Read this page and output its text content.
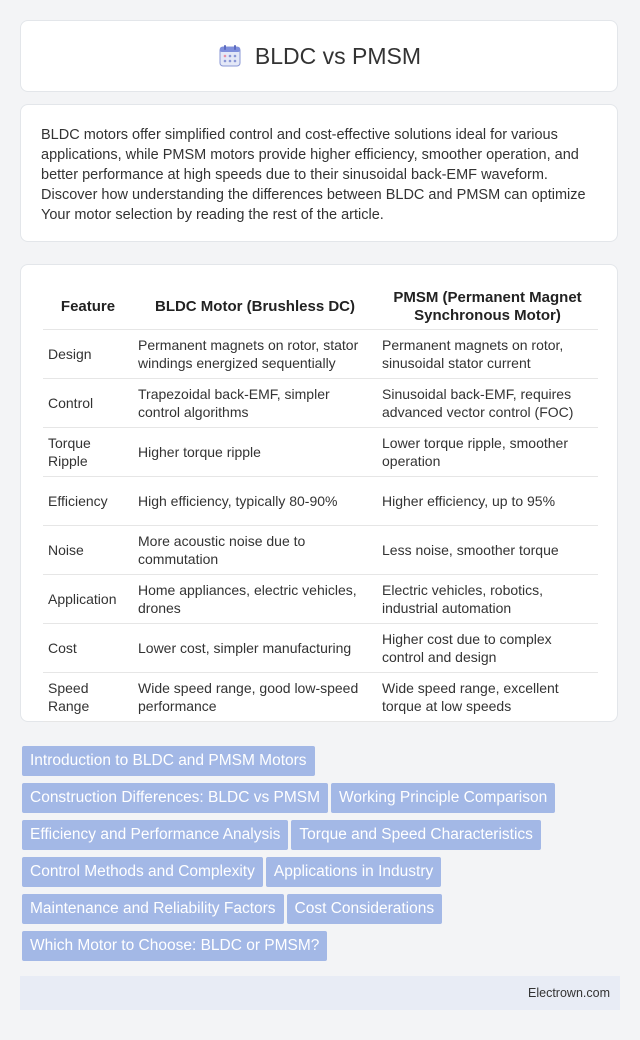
BLDC vs PMSM

BLDC motors offer simplified control and cost-effective solutions ideal for various applications, while PMSM motors provide higher efficiency, smoother operation, and better performance at high speeds due to their sinusoidal back-EMF waveform. Discover how understanding the differences between BLDC and PMSM can optimize Your motor selection by reading the rest of the article.

Feature	BLDC Motor (Brushless DC)	PMSM (Permanent Magnet Synchronous Motor)
Design	Permanent magnets on rotor, stator windings energized sequentially	Permanent magnets on rotor, sinusoidal stator current
Control	Trapezoidal back-EMF, simpler control algorithms	Sinusoidal back-EMF, requires advanced vector control (FOC)
Torque Ripple	Higher torque ripple	Lower torque ripple, smoother operation
Efficiency	High efficiency, typically 80-90%	Higher efficiency, up to 95%
Noise	More acoustic noise due to commutation	Less noise, smoother torque
Application	Home appliances, electric vehicles, drones	Electric vehicles, robotics, industrial automation
Cost	Lower cost, simpler manufacturing	Higher cost due to complex control and design
Speed Range	Wide speed range, good low-speed performance	Wide speed range, excellent torque at low speeds
Introduction to BLDC and PMSM MotorsConstruction Differences: BLDC vs PMSM Working Principle ComparisonEfficiency and Performance Analysis Torque and Speed CharacteristicsControl Methods and Complexity Applications in IndustryMaintenance and Reliability Factors Cost ConsiderationsWhich Motor to Choose: BLDC or PMSM?
Electrown.com
